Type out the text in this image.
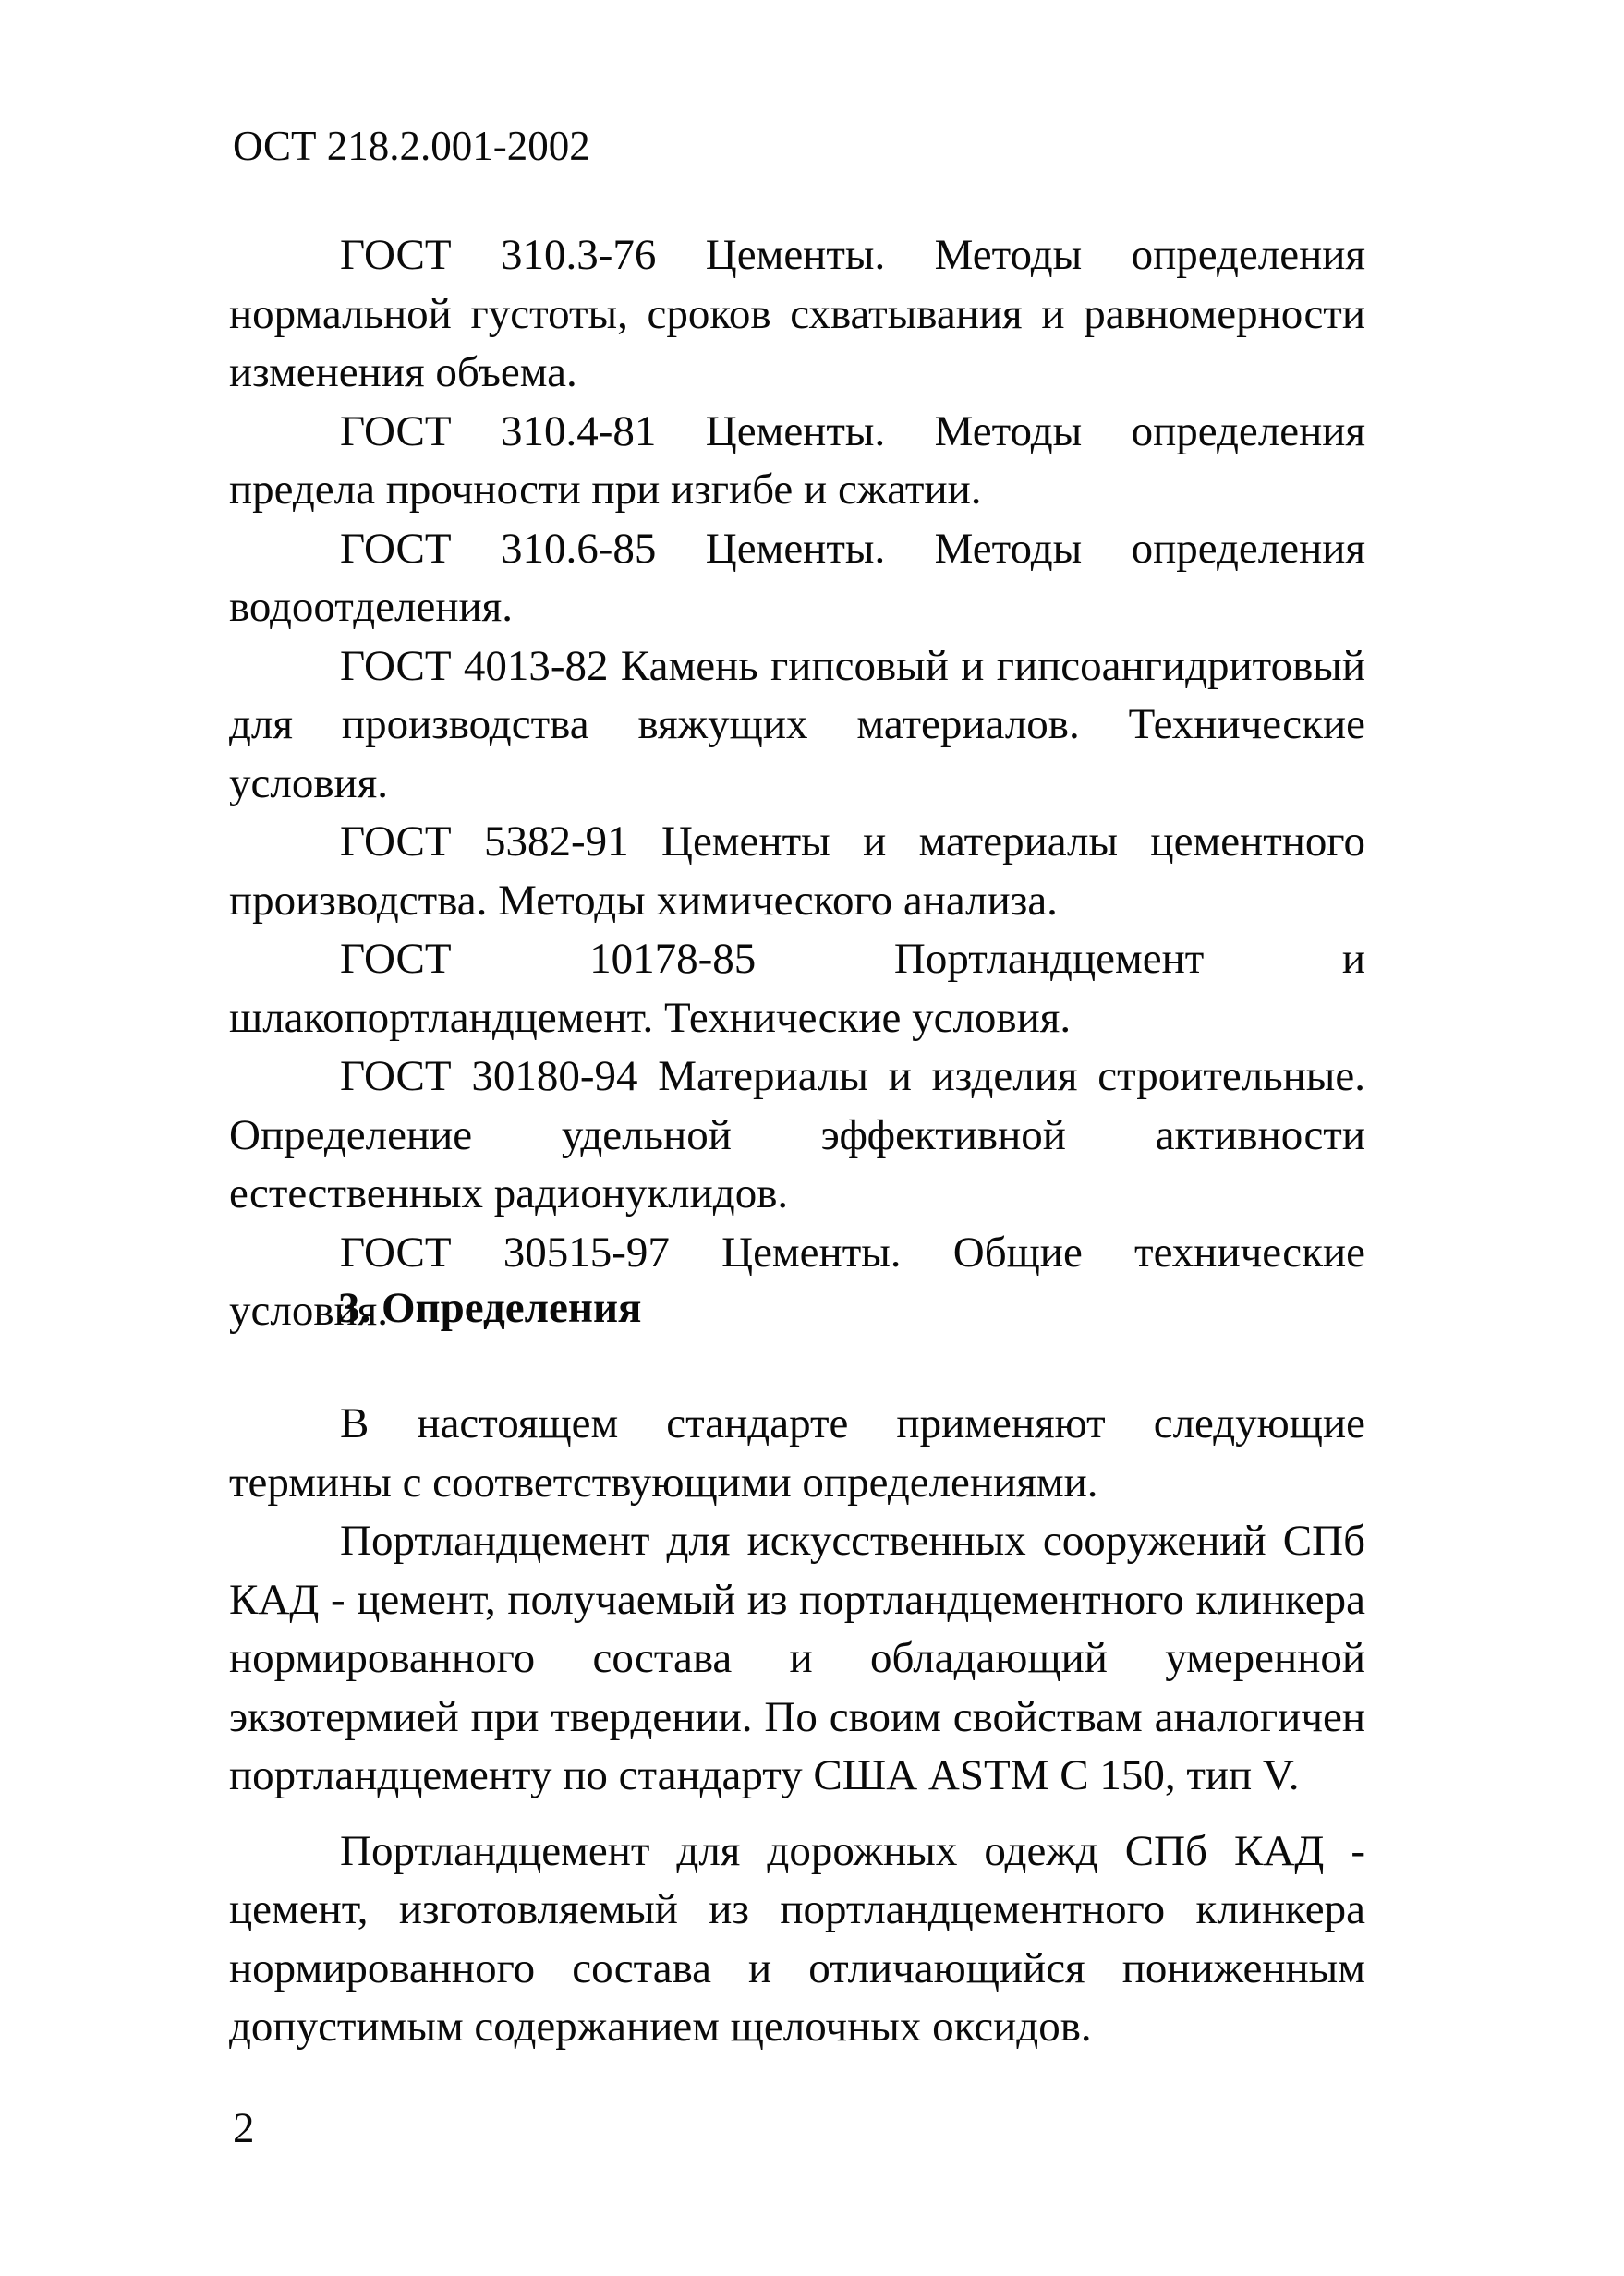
ОСТ 218.2.001-2002

ГОСТ 310.3-76 Цементы. Методы определения нормальной густоты, сроков схватывания и равномерности изменения объема.

ГОСТ 310.4-81 Цементы. Методы определения предела прочности при изгибе и сжатии.

ГОСТ 310.6-85 Цементы. Методы определения водоотделения.

ГОСТ 4013-82 Камень гипсовый и гипсоангидритовый для производства вяжущих материалов. Технические условия.

ГОСТ 5382-91 Цементы и материалы цементного производства. Методы химического анализа.

ГОСТ 10178-85 Портландцемент и шлакопортландцемент. Технические условия.

ГОСТ 30180-94 Материалы и изделия строительные. Определение удельной эффективной активности естественных радионуклидов.

ГОСТ 30515-97 Цементы. Общие технические условия.

3. Определения

В настоящем стандарте применяют следующие термины с соответствующими определениями.

Портландцемент для искусственных сооружений СПб КАД - цемент, получаемый из портландцементного клинкера нормированного состава и обладающий умеренной экзотермией при твердении. По своим свойствам аналогичен портландцементу по стандарту США ASTM C 150, тип V.

Портландцемент для дорожных одежд СПб КАД - цемент, изготовляемый из портландцементного клинкера нормированного состава и отличающийся пониженным допустимым содержанием щелочных оксидов.

2
